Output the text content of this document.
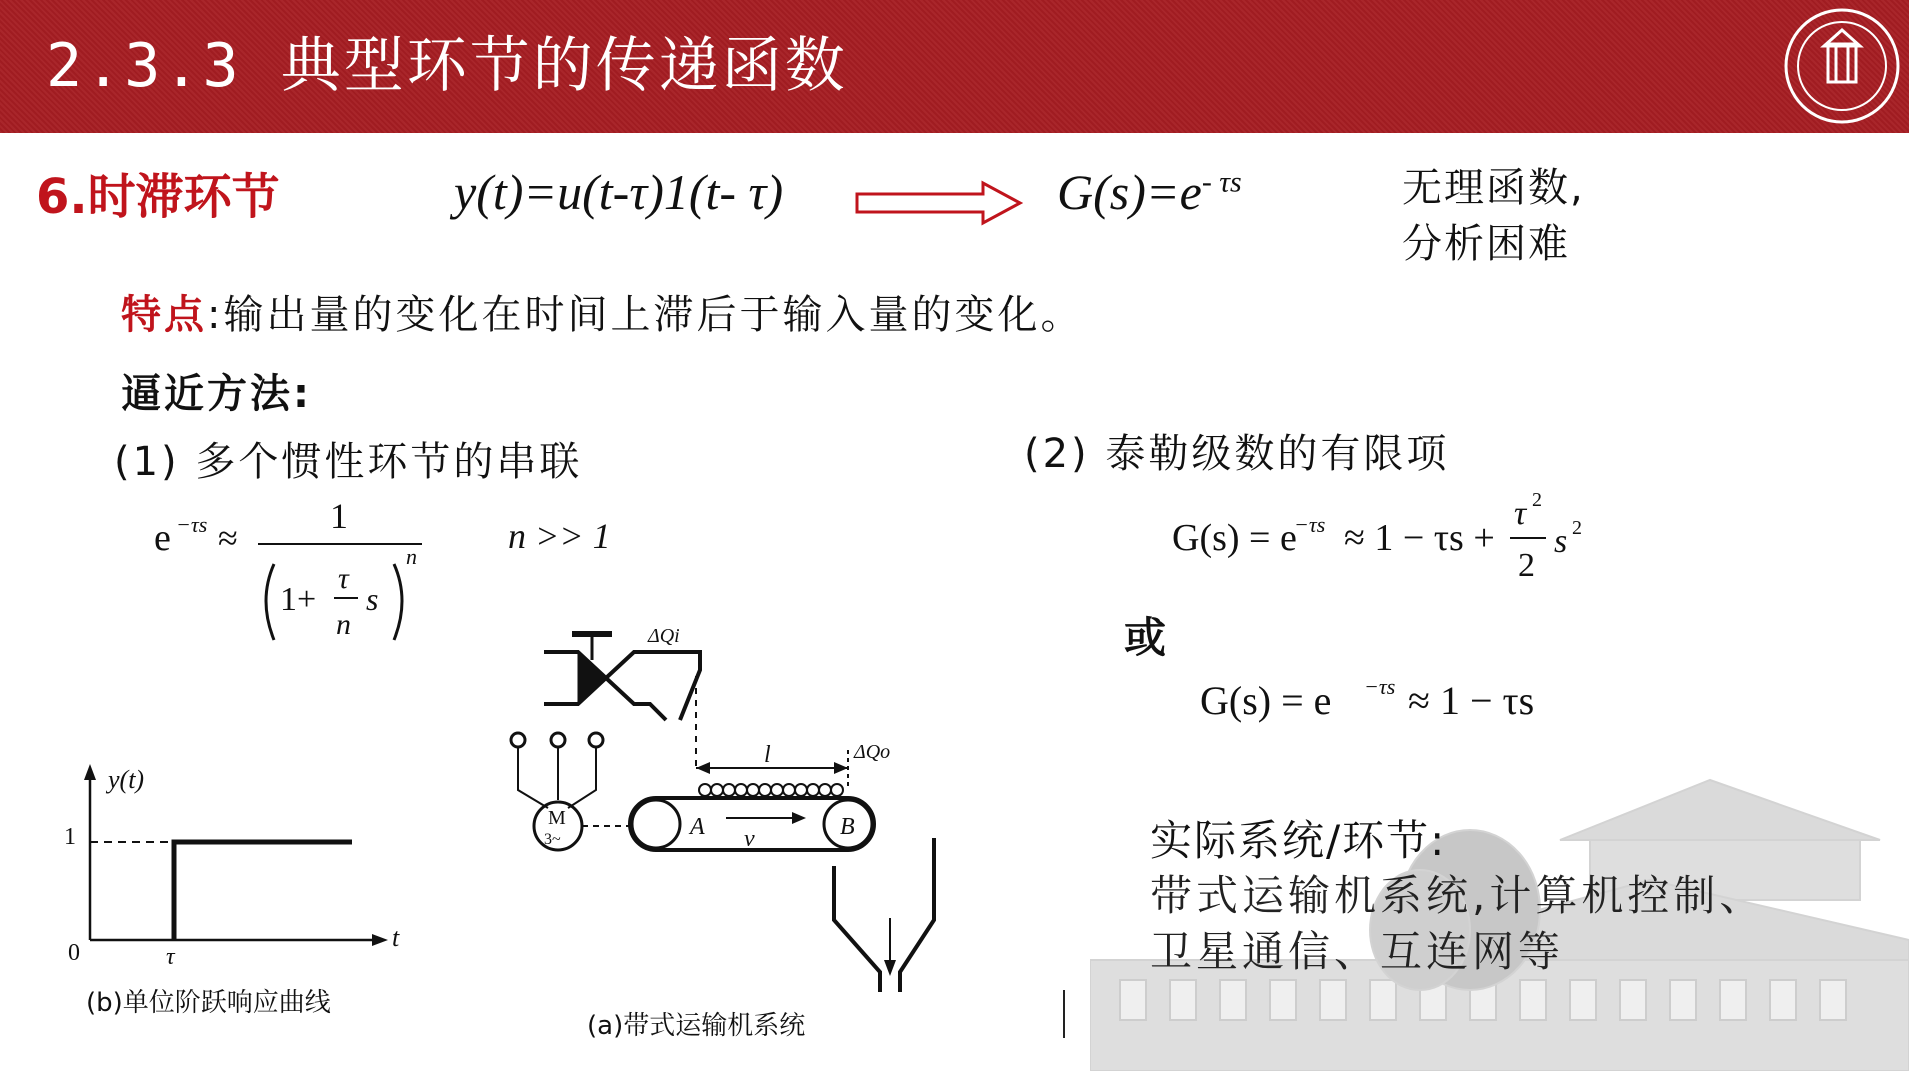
2.3.3 典型环节的传递函数
6.时滞环节	y(t)=u(t-τ)1(t- τ)	$G(s)=e^{- \tau s}$	无理函数,
分析困难
特点:输出量的变化在时间上滞后于输入量的变化。
逼近方法:
(1) 多个惯性环节的串联
e −τs ≈
1
1+
τ
n
s
n
n >> 1
(2) 泰勒级数的有限项
G(s) = e
−τs ≈ 1 − τs +
τ 2
2
s 2
或
G(s) = e −τs ≈ 1 − τs
y(t)
t
1
0	τ
(b)单位阶跃响应曲线
ΔQi
l	ΔQo
A	B
v
M
3~
(a)带式运输机系统
实际系统/环节:
带式运输机系统,计算机控制、
卫星通信、互连网等
